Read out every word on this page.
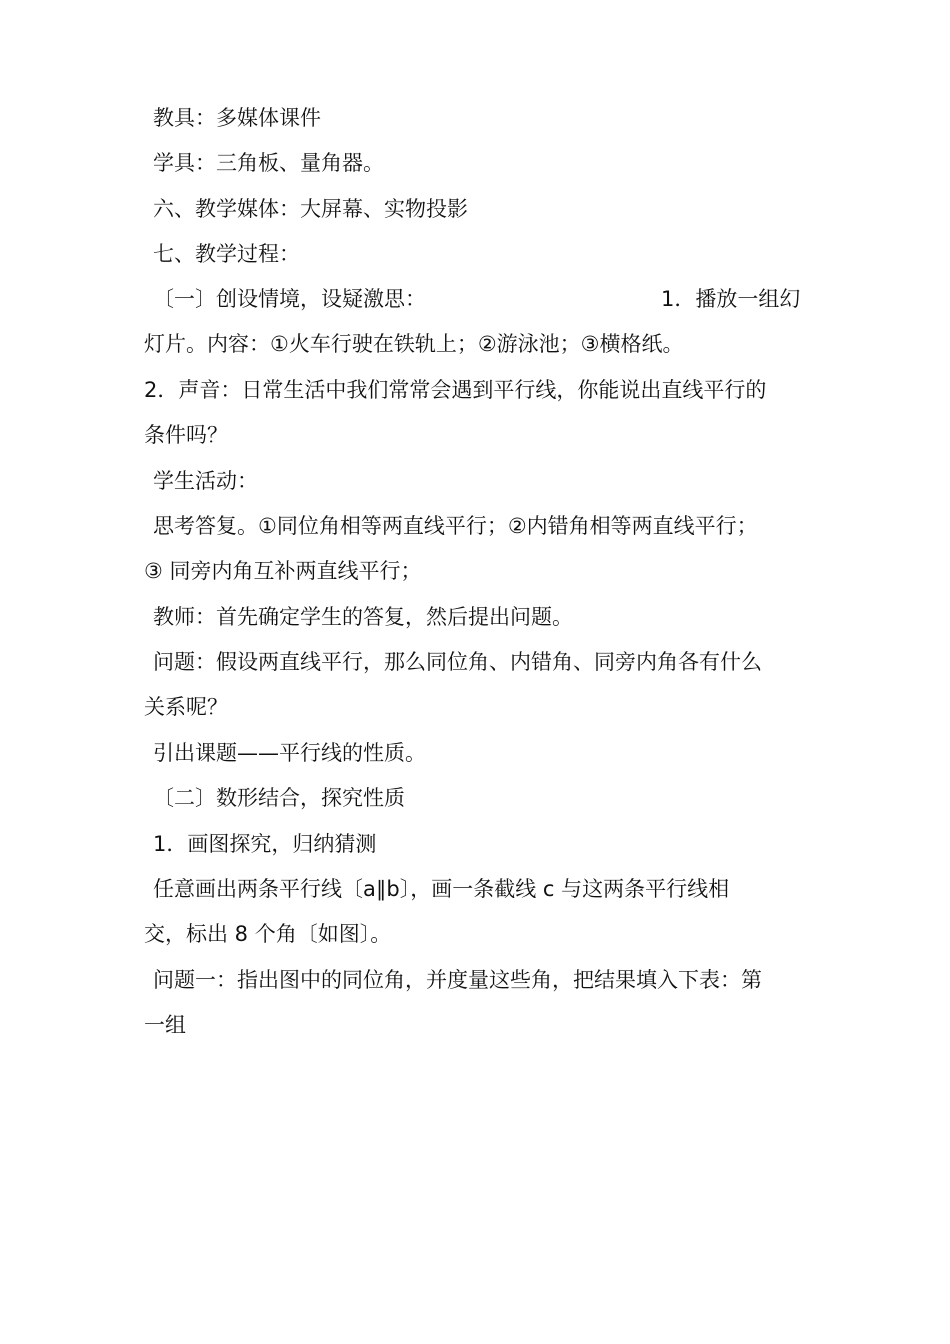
教具：多媒体课件
学具：三角板、量角器。
六、教学媒体：大屏幕、实物投影
七、教学过程：
〔一〕创设情境，设疑激思：	1．播放一组幻
灯片。内容：①火车行驶在铁轨上；②游泳池；③横格纸。
2．声音：日常生活中我们常常会遇到平行线，你能说出直线平行的
条件吗？
学生活动：
思考答复。①同位角相等两直线平行；②内错角相等两直线平行；
③ 同旁内角互补两直线平行；
教师：首先确定学生的答复，然后提出问题。
问题：假设两直线平行，那么同位角、内错角、同旁内角各有什么
关系呢？
引出课题——平行线的性质。
〔二〕数形结合，探究性质
1．画图探究，归纳猜测
任意画出两条平行线〔a∥b〕，画一条截线 c 与这两条平行线相
交，标出 8 个角〔如图〕。
问题一：指出图中的同位角，并度量这些角，把结果填入下表：第
一组
